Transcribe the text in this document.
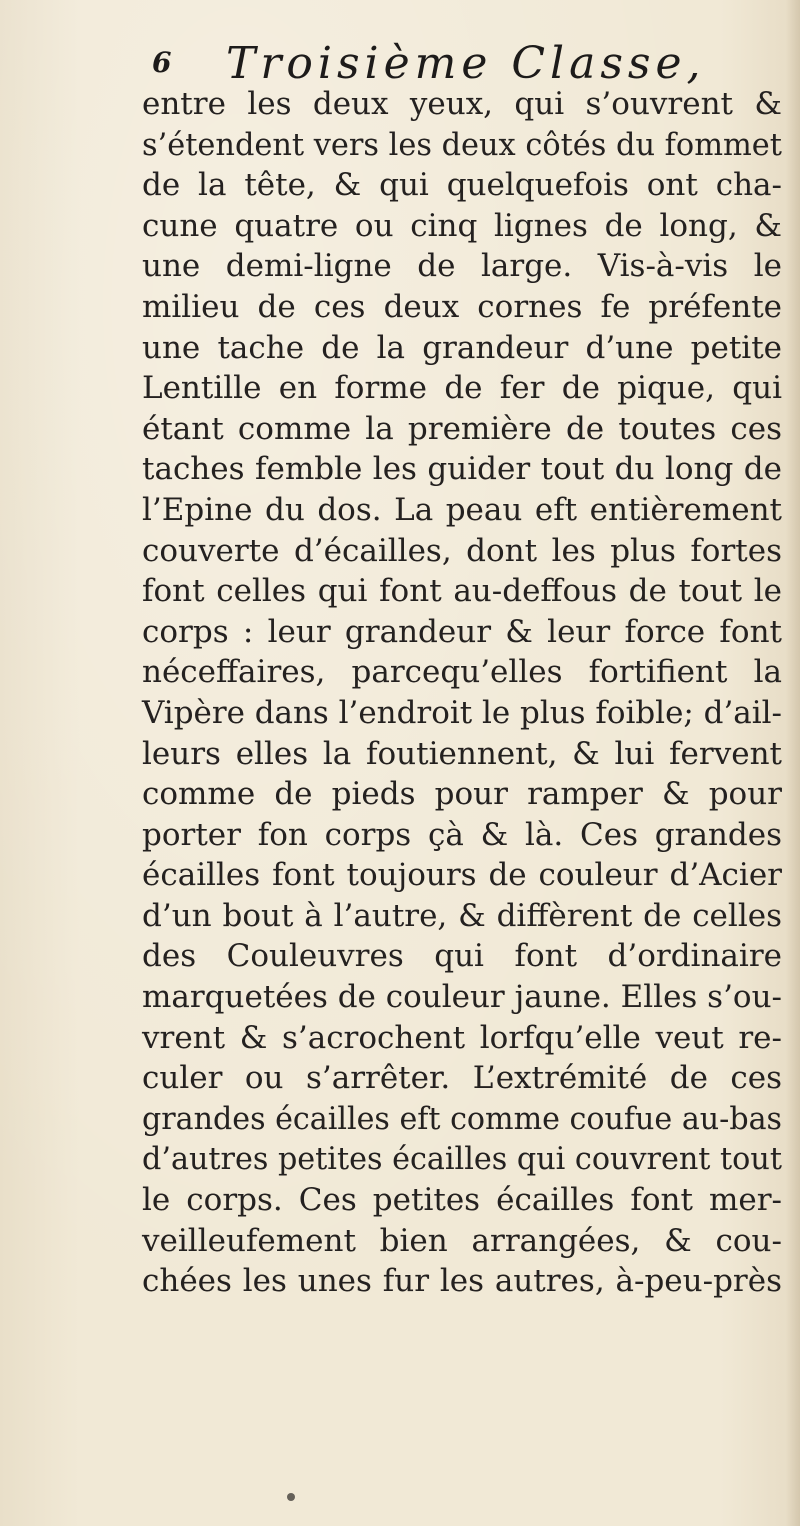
6 Troisième Classe,
entre les deux yeux, qui s’ouvrent &
s’étendent vers les deux côtés du fommet
de la tête, & qui quelquefois ont cha-
cune quatre ou cinq lignes de long, &
une demi-ligne de large. Vis-à-vis le
milieu de ces deux cornes fe préfente
une tache de la grandeur d’une petite
Lentille en forme de fer de pique, qui
étant comme la première de toutes ces
taches femble les guider tout du long de
l’Epine du dos. La peau eft entièrement
couverte d’écailles, dont les plus fortes
font celles qui font au-deffous de tout le
corps : leur grandeur & leur force font
néceffaires, parcequ’elles fortifient la
Vipère dans l’endroit le plus foible; d’ail-
leurs elles la foutiennent, & lui fervent
comme de pieds pour ramper & pour
porter fon corps çà & là. Ces grandes
écailles font toujours de couleur d’Acier
d’un bout à l’autre, & diffèrent de celles
des Couleuvres qui font d’ordinaire
marquetées de couleur jaune. Elles s’ou-
vrent & s’acrochent lorfqu’elle veut re-
culer ou s’arrêter. L’extrémité de ces
grandes écailles eft comme coufue au-bas
d’autres petites écailles qui couvrent tout
le corps. Ces petites écailles font mer-
veilleufement bien arrangées, & cou-
chées les unes fur les autres, à-peu-près
